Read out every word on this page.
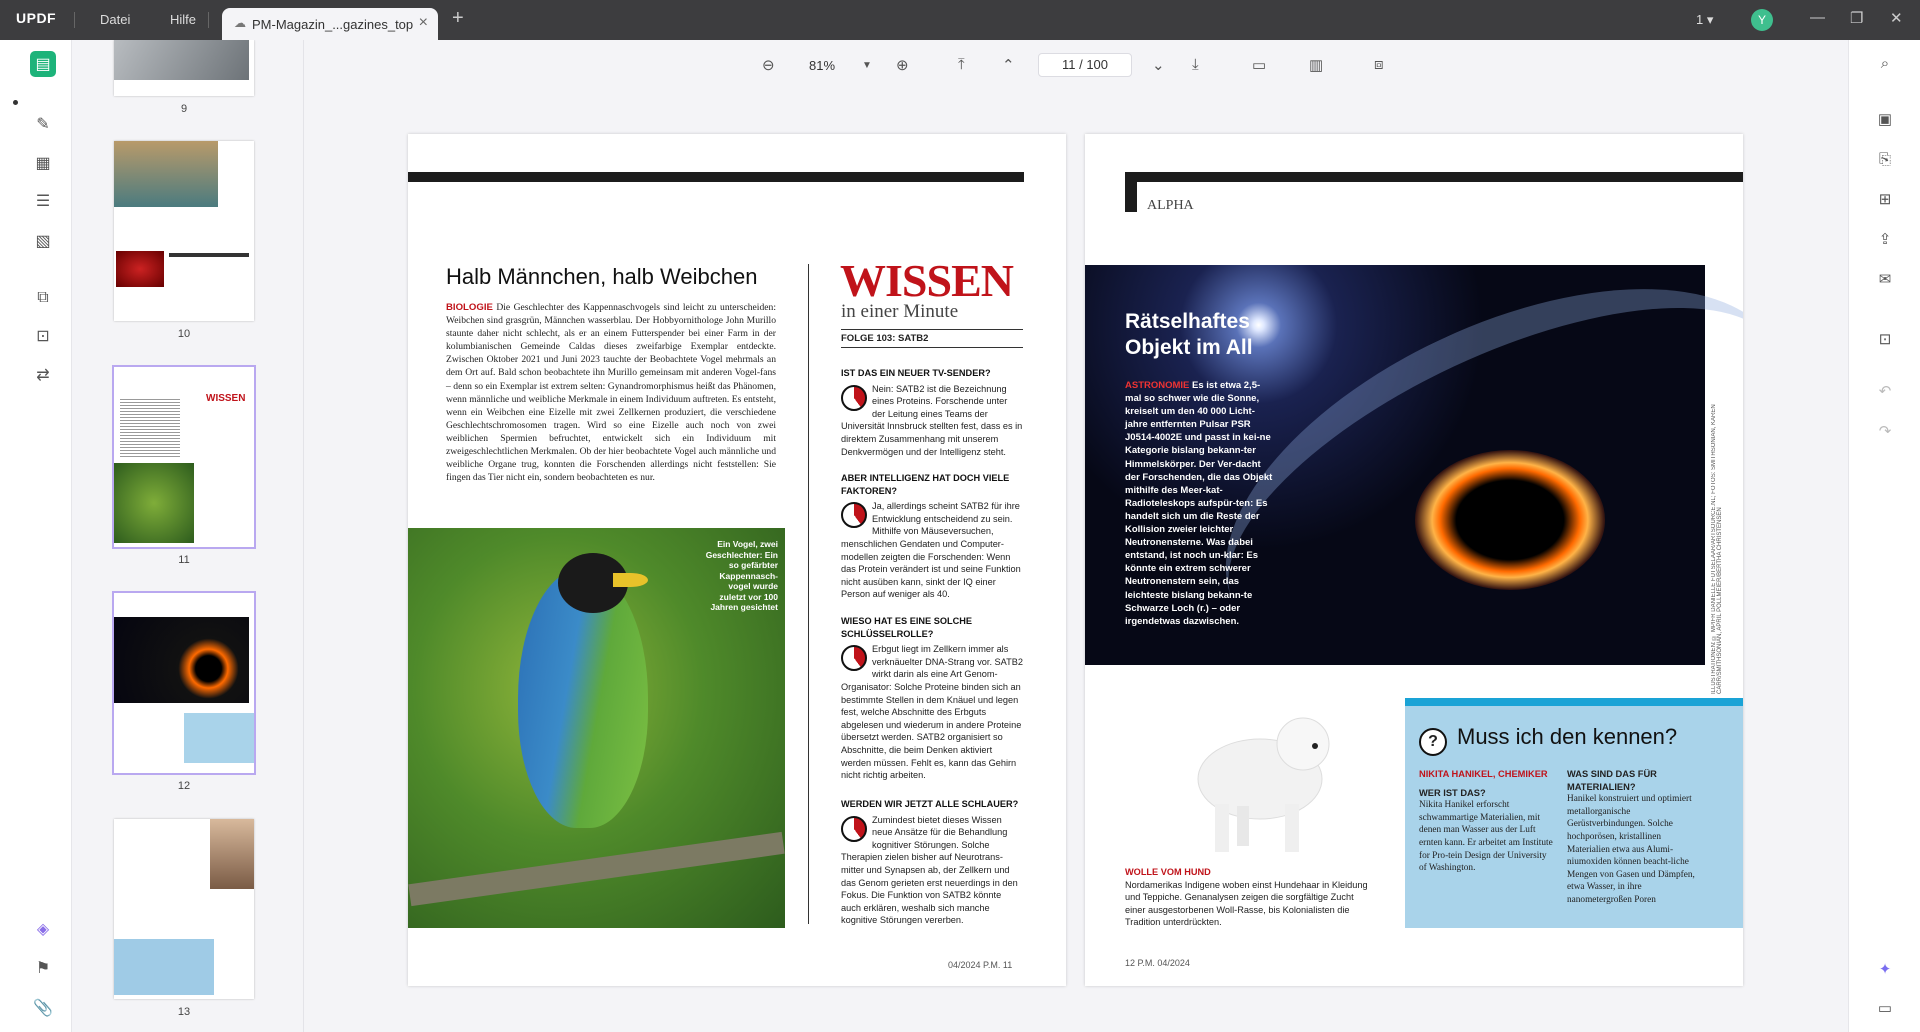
UPDF	Datei	Hilfe	☁ PM-Magazin_...gazines_top × +	1 ▾	Y	— ❐ ✕
▤
✎
▦
☰
▧
⧉
⊡
⇄
◈
⚑
📎
9
10
WISSEN
11
12
13
⊖	81%	▼ ⊕	⤒ ⌃	11 / 100	⌄ ⤓	▭	▥	⧈	⌕
▣
⎘
⊞
⇪
✉
⊡
↶
↷
✦
▭
Halb Männchen, halb Weibchen
BIOLOGIE Die Geschlechter des Kappennaschvogels sind leicht zu unterscheiden: Weibchen sind grasgrün, Männchen wasserblau. Der Hobbyornithologe John Murillo staunte daher nicht schlecht, als er an einem Futterspender bei einer Farm in der kolumbianischen Gemeinde Caldas dieses zweifarbige Exemplar entdeckte. Zwischen Oktober 2021 und Juni 2023 tauchte der Beobachtete Vogel mehrmals an dem Ort auf. Bald schon beobachtete ihn Murillo gemeinsam mit anderen Vogel-fans – denn so ein Exemplar ist extrem selten: Gynandromorphismus heißt das Phänomen, wenn männliche und weibliche Merkmale in einem Individuum auftreten. Es entsteht, wenn ein Weibchen eine Eizelle mit zwei Zellkernen produziert, die verschiedene Geschlechtschromosomen tragen. Wird so eine Eizelle auch noch von zwei weiblichen Spermien befruchtet, entwickelt sich ein Individuum mit zweigeschlechtlichen Merkmalen. Ob der hier beobachtete Vogel auch männliche und weibliche Organe trug, konnten die Forschenden allerdings nicht feststellen: Sie fingen das Tier nicht ein, sondern beobachteten es nur.
Ein Vogel, zwei Geschlechter: Ein so gefärbter Kappennasch-vogel wurde zuletzt vor 100 Jahren gesichtet
WISSEN
in einer Minute
FOLGE 103: SATB2
IST DAS EIN NEUER TV-SENDER?
Nein: SATB2 ist die Bezeichnung eines Proteins. Forschende unter der Leitung eines Teams der Universität Innsbruck stellten fest, dass es in direktem Zusammenhang mit unserem Denkvermögen und der Intelligenz steht.
ABER INTELLIGENZ HAT DOCH VIELE FAKTOREN?
Ja, allerdings scheint SATB2 für ihre Entwicklung entscheidend zu sein. Mithilfe von Mäuseversuchen, menschlichen Gendaten und Computer-modellen zeigten die Forschenden: Wenn das Protein verändert ist und seine Funktion nicht ausüben kann, sinkt der IQ einer Person auf weniger als 40.
WIESO HAT ES EINE SOLCHE SCHLÜSSELROLLE?
Erbgut liegt im Zellkern immer als verknäuelter DNA-Strang vor. SATB2 wirkt darin als eine Art Genom-Organisator: Solche Proteine binden sich an bestimmte Stellen in dem Knäuel und legen fest, welche Abschnitte des Erbguts abgelesen und wiederum in andere Proteine übersetzt werden. SATB2 organisiert so Abschnitte, die beim Denken aktiviert werden müssen. Fehlt es, kann das Gehirn nicht richtig arbeiten.
WERDEN WIR JETZT ALLE SCHLAUER?
Zumindest bietet dieses Wissen neue Ansätze für die Behandlung kognitiver Störungen. Solche Therapien zielen bisher auf Neurotrans-mitter und Synapsen ab, der Zellkern und das Genom gerieten erst neuerdings in den Fokus. Die Funktion von SATB2 könnte auch erklären, weshalb sich manche kognitive Störungen vererben.
04/2024 P.M. 11
ALPHA
Rätselhaftes
Objekt im All
ASTRONOMIE Es ist etwa 2,5-mal so schwer wie die Sonne, kreiselt um den 40 000 Licht-jahre entfernten Pulsar PSR J0514-4002E und passt in kei-ne Kategorie bislang bekann-ter Himmelskörper. Der Ver-dacht der Forschenden, die das Objekt mithilfe des Meer-kat-Radioteleskops aufspür-ten: Es handelt sich um die Reste der Kollision zweier leichter Neutronensterne. Was dabei entstand, ist noch un-klar: Es könnte ein extrem schwerer Neutronenstern sein, das leichteste bislang bekann-te Schwarze Loch (r.) – oder irgendetwas dazwischen.	ILLUSTRATIONEN: © MPIFR DANIELLE FUTSELAAR/ARTSOURCE.NL; FOTOS: SMITHSONIAN, KAREN CARR/SMITHSONIAN, APRIL POLLMEIER/BERTHA CHRISTENSEN
WOLLE VOM HUND
Nordamerikas Indigene woben einst Hundehaar in Kleidung und Teppiche. Genanalysen zeigen die sorgfältige Zucht einer ausgestorbenen Woll-Rasse, bis Kolonialisten die Tradition unterdrückten.
? Muss ich den kennen?
NIKITA HANIKEL, CHEMIKER
WER IST DAS?
Nikita Hanikel erforscht schwammartige Materialien, mit denen man Wasser aus der Luft ernten kann. Er arbeitet am Institute for Pro-tein Design der University of Washington.
WAS SIND DAS FÜR MATERIALIEN?
Hanikel konstruiert und optimiert metallorganische Gerüstverbindungen. Solche hochporösen, kristallinen Materialien etwa aus Alumi-niumoxiden können beacht-liche Mengen von Gasen und Dämpfen, etwa Wasser, in ihre nanometergroßen Poren
12 P.M. 04/2024
